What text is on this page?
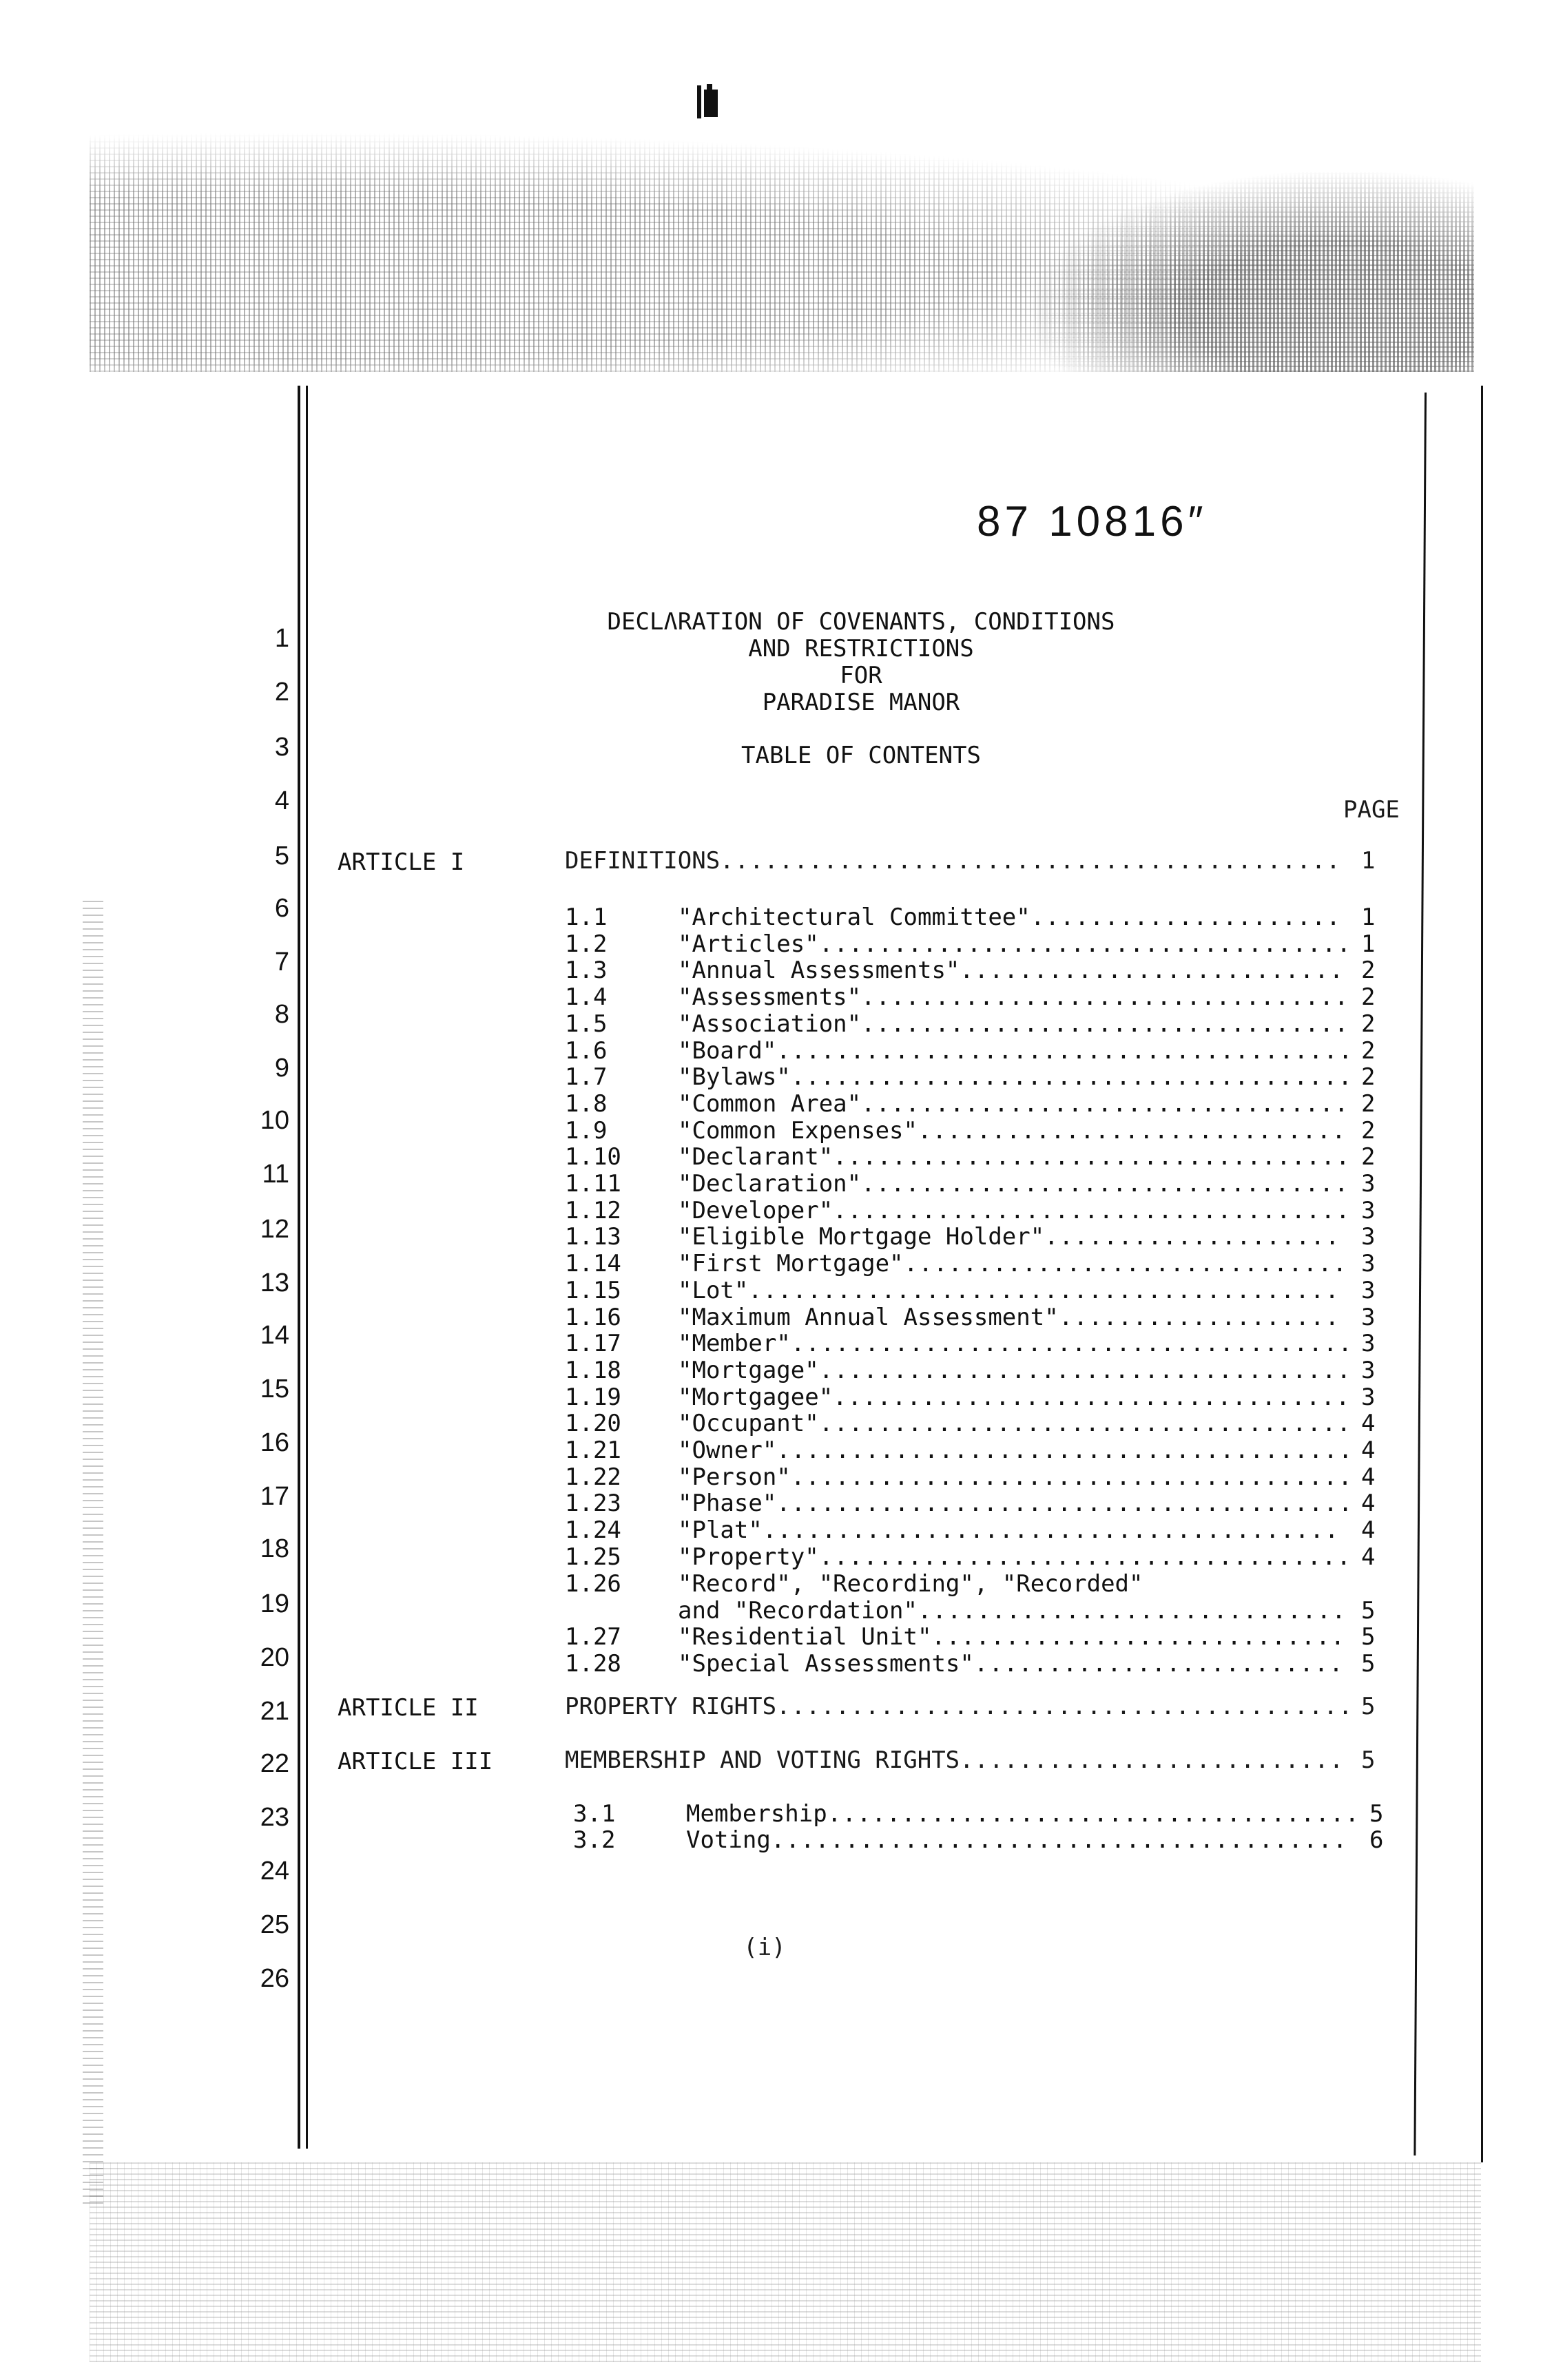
1
2
3
4
5
6
7
8
9
10
11
12
13
14
15
16
17
18
19
20
21
22
23
24
25
26
87 10816″
DECLɅRATION OF COVENANTS, CONDITIONS
AND RESTRICTIONS
FOR
PARADISE MANOR
TABLE OF CONTENTS
PAGE
ARTICLE I	DEFINITIONS .......................................... 1
1.1	"Architectural Committee" ..................... 1
1.2	"Articles" .................................... 1
1.3	"Annual Assessments" .......................... 2
1.4	"Assessments" ................................. 2
1.5	"Association" ................................. 2
1.6	"Board" ....................................... 2
1.7	"Bylaws" ...................................... 2
1.8	"Common Area" ................................. 2
1.9	"Common Expenses" ............................. 2
1.10 "Declarant" ................................... 2
1.11 "Declaration" ................................. 3
1.12 "Developer" ................................... 3
1.13 "Eligible Mortgage Holder" .................... 3
1.14 "First Mortgage" .............................. 3
1.15 "Lot" ........................................ 3
1.16 "Maximum Annual Assessment" ................... 3
1.17 "Member" ...................................... 3
1.18 "Mortgage" .................................... 3
1.19 "Mortgagee" ................................... 3
1.20 "Occupant" .................................... 4
1.21 "Owner" ....................................... 4
1.22 "Person" ...................................... 4
1.23 "Phase" ....................................... 4
1.24 "Plat" ....................................... 4
1.25 "Property" .................................... 4
1.26 "Record", "Recording", "Recorded"
and "Recordation" ............................. 5
1.27 "Residential Unit" ............................ 5
1.28 "Special Assessments" ......................... 5
ARTICLE II	PROPERTY RIGHTS ....................................... 5
ARTICLE III	MEMBERSHIP AND VOTING RIGHTS .......................... 5
3.1	Membership .................................... 5
3.2	Voting ....................................... 6
(i)
